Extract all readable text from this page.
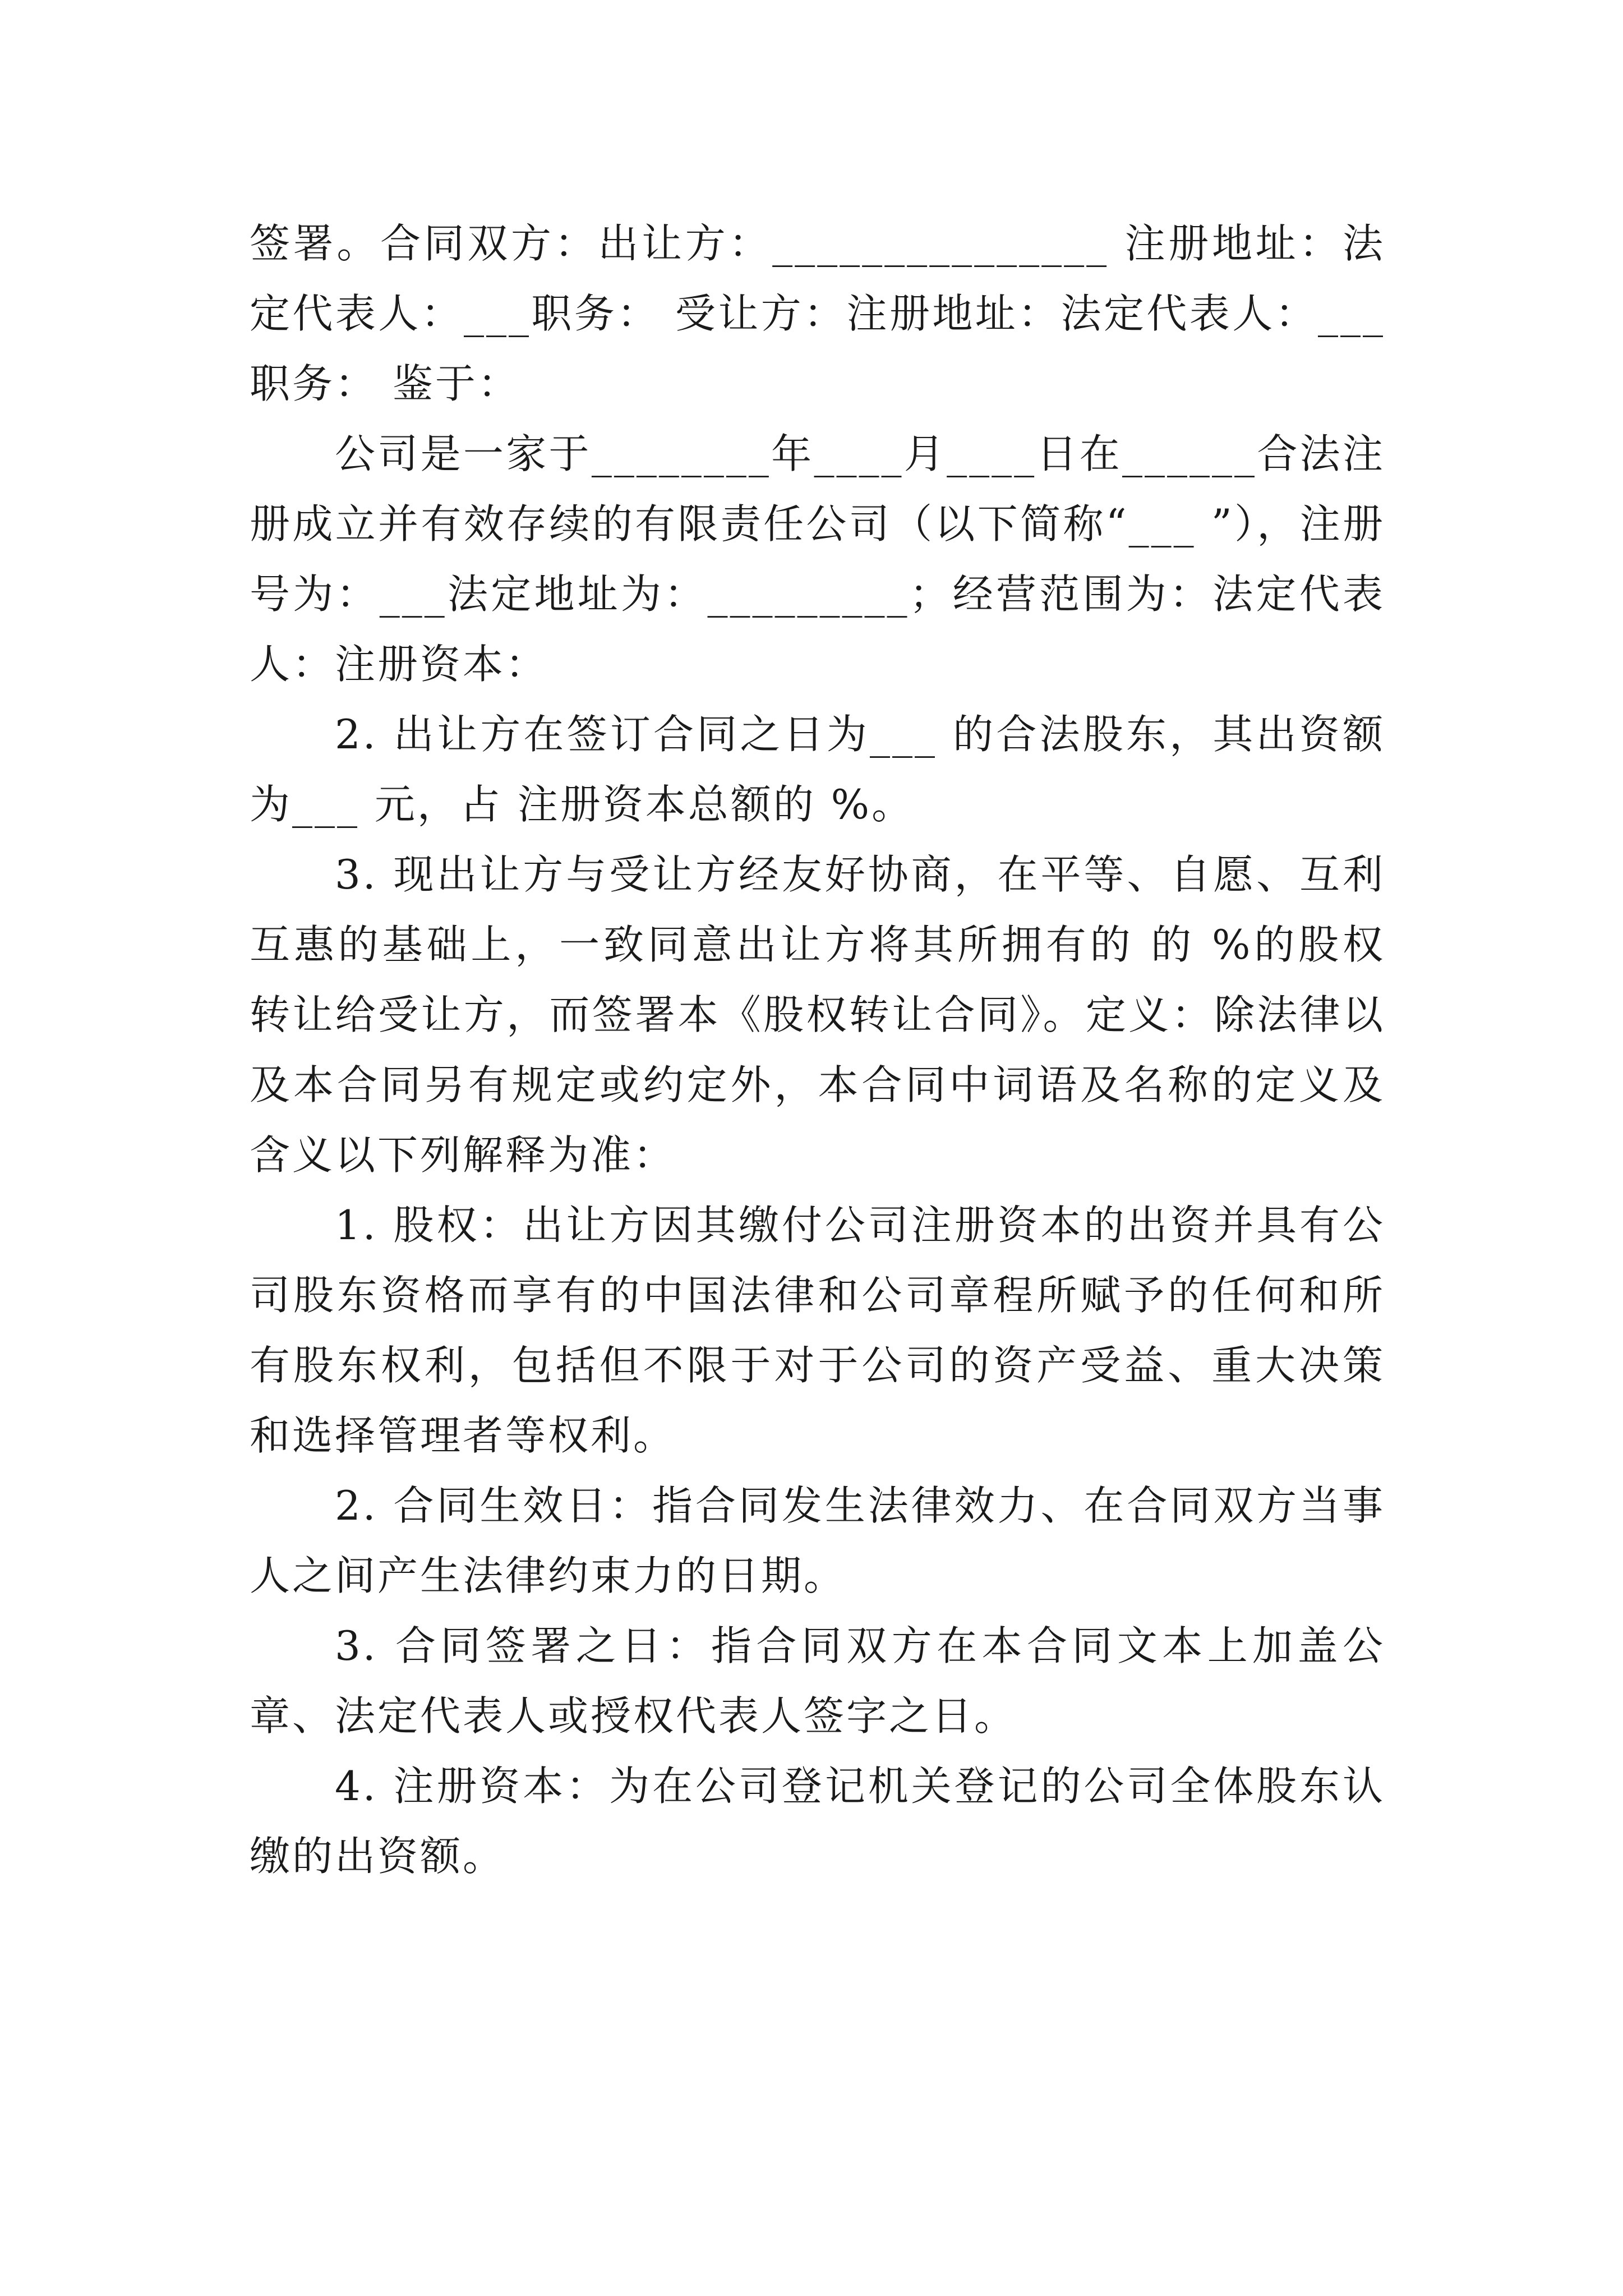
签署。合同双方：出让方：_______________ 注册地址：法定代表人：___职务： 受让方：注册地址：法定代表人：___职务： 鉴于：

公司是一家于________年____月____日在______合法注册成立并有效存续的有限责任公司（以下简称“___ ”），注册号为：___法定地址为：_________；经营范围为：法定代表人：注册资本：

2. 出让方在签订合同之日为___ 的合法股东，其出资额为___ 元，占 注册资本总额的 %。

3. 现出让方与受让方经友好协商，在平等、自愿、互利互惠的基础上，一致同意出让方将其所拥有的 的 %的股权转让给受让方，而签署本《股权转让合同》。定义：除法律以及本合同另有规定或约定外，本合同中词语及名称的定义及含义以下列解释为准：

1. 股权：出让方因其缴付公司注册资本的出资并具有公司股东资格而享有的中国法律和公司章程所赋予的任何和所有股东权利，包括但不限于对于公司的资产受益、重大决策和选择管理者等权利。

2. 合同生效日：指合同发生法律效力、在合同双方当事人之间产生法律约束力的日期。

3. 合同签署之日：指合同双方在本合同文本上加盖公章、法定代表人或授权代表人签字之日。

4. 注册资本：为在公司登记机关登记的公司全体股东认缴的出资额。
